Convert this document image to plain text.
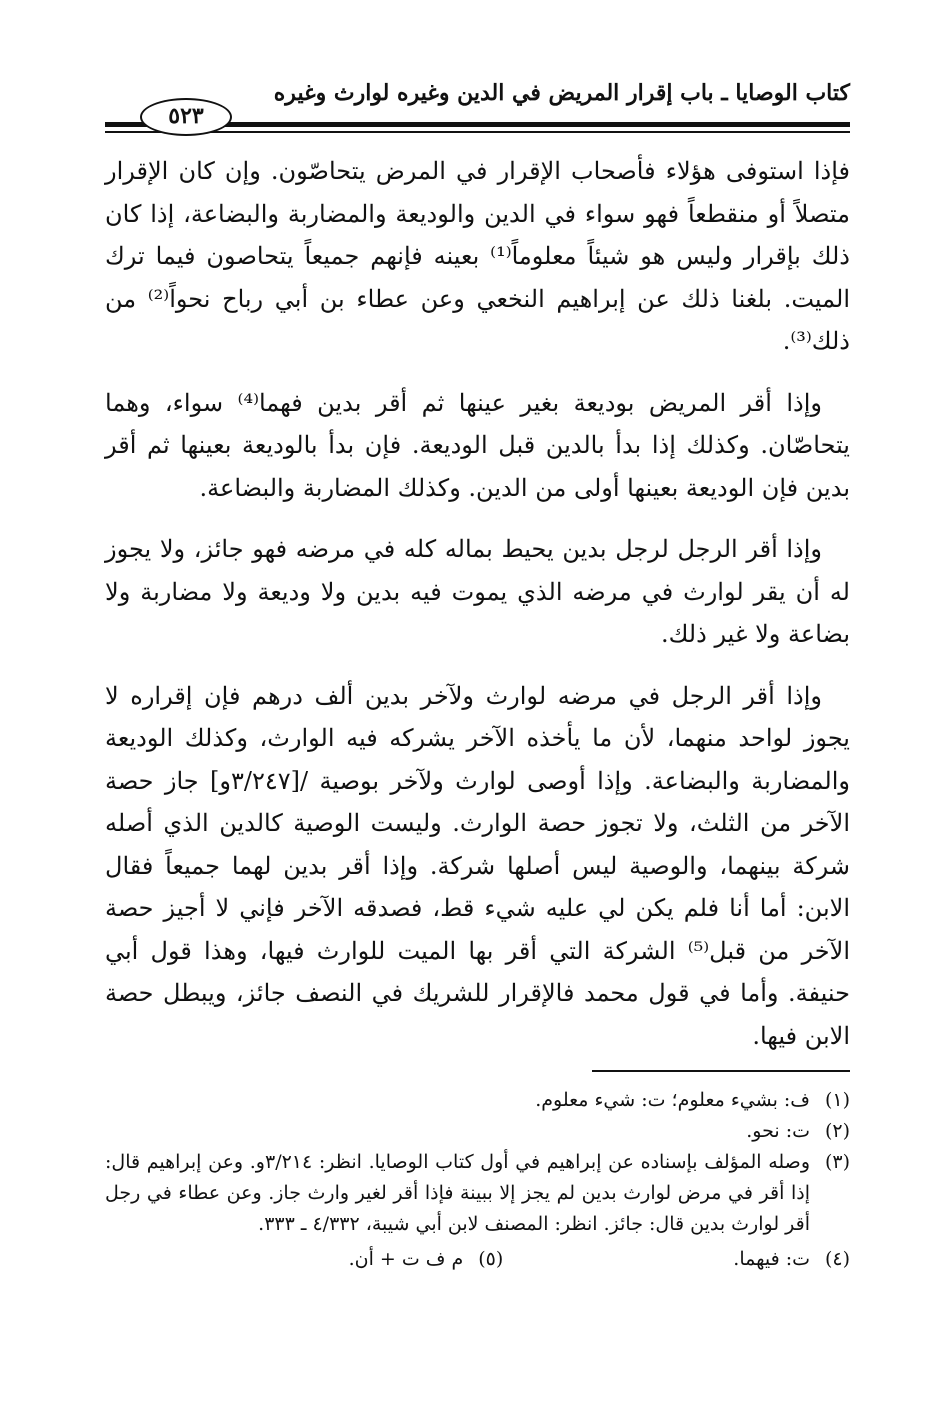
كتاب الوصايا ـ باب إقرار المريض في الدين وغيره لوارث وغيره
٥٢٣

فإذا استوفى هؤلاء فأصحاب الإقرار في المرض يتحاصّون. وإن كان الإقرار متصلاً أو منقطعاً فهو سواء في الدين والوديعة والمضاربة والبضاعة، إذا كان ذلك بإقرار وليس هو شيئاً معلوماً⁽¹⁾ بعينه فإنهم جميعاً يتحاصون فيما ترك الميت. بلغنا ذلك عن إبراهيم النخعي وعن عطاء بن أبي رباح نحواً⁽²⁾ من ذلك⁽³⁾.

وإذا أقر المريض بوديعة بغير عينها ثم أقر بدين فهما⁽⁴⁾ سواء، وهما يتحاصّان. وكذلك إذا بدأ بالدين قبل الوديعة. فإن بدأ بالوديعة بعينها ثم أقر بدين فإن الوديعة بعينها أولى من الدين. وكذلك المضاربة والبضاعة.

وإذا أقر الرجل لرجل بدين يحيط بماله كله في مرضه فهو جائز، ولا يجوز له أن يقر لوارث في مرضه الذي يموت فيه بدين ولا وديعة ولا مضاربة ولا بضاعة ولا غير ذلك.

وإذا أقر الرجل في مرضه لوارث ولآخر بدين ألف درهم فإن إقراره لا يجوز لواحد منهما، لأن ما يأخذه الآخر يشركه فيه الوارث، وكذلك الوديعة والمضاربة والبضاعة. وإذا أوصى لوارث ولآخر بوصية /[٣/٢٤٧و] جاز حصة الآخر من الثلث، ولا تجوز حصة الوارث. وليست الوصية كالدين الذي أصله شركة بينهما، والوصية ليس أصلها شركة. وإذا أقر بدين لهما جميعاً فقال الابن: أما أنا فلم يكن لي عليه شيء قط، فصدقه الآخر فإني لا أجيز حصة الآخر من قبل⁽⁵⁾ الشركة التي أقر بها الميت للوارث فيها، وهذا قول أبي حنيفة. وأما في قول محمد فالإقرار للشريك في النصف جائز، ويبطل حصة الابن فيها.

(١)
ف: بشيء معلوم؛ ت: شيء معلوم.
(٢)
ت: نحو.
(٣)
وصله المؤلف بإسناده عن إبراهيم في أول كتاب الوصايا. انظر: ٣/٢١٤و. وعن إبراهيم قال: إذا أقر في مرض لوارث بدين لم يجز إلا ببينة فإذا أقر لغير وارث جاز. وعن عطاء في رجل أقر لوارث بدين قال: جائز. انظر: المصنف لابن أبي شيبة، ٤/٣٣٢ ـ ٣٣٣.
(٤)
ت: فيهما.
(٥)
م ف ت + أن.
